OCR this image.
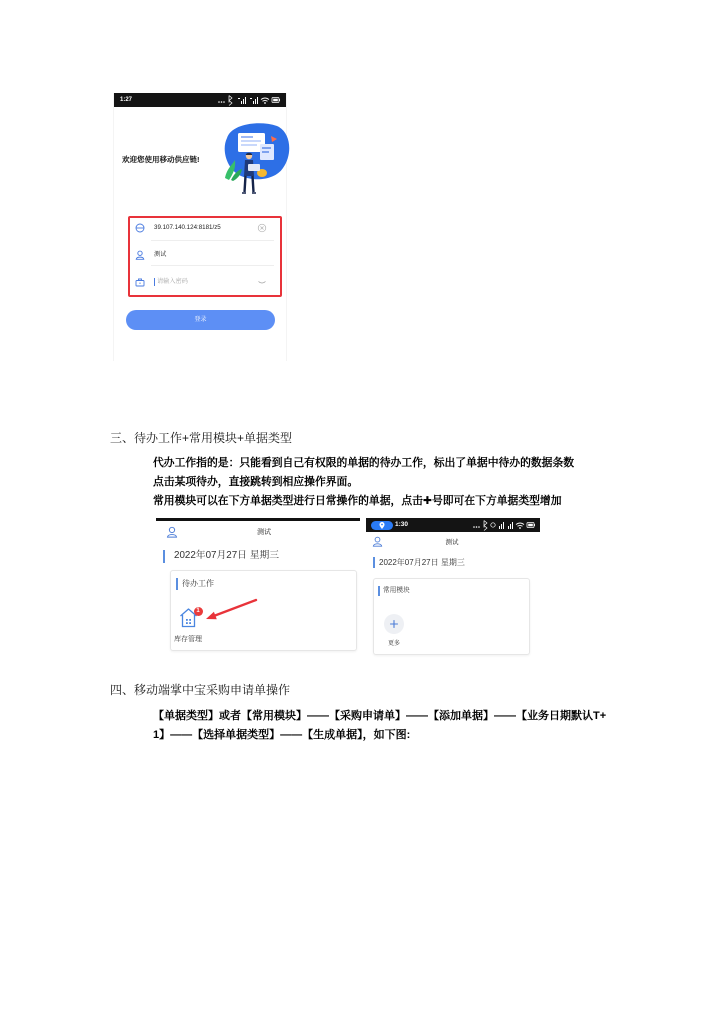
1:27
欢迎您使用移动供应链!
39.107.140.124:8181/z5
测试
请输入密码
登录
三、待办工作+常用模块+单据类型
代办工作指的是：只能看到自己有权限的单据的待办工作，标出了单据中待办的数据条数
点击某项待办，直接跳转到相应操作界面。
常用模块可以在下方单据类型进行日常操作的单据，点击✚号即可在下方单据类型增加
测试
2022年07月27日 星期三
待办工作
1
库存管理
1:30
测试
2022年07月27日 星期三
常用模块
更多
四、移动端掌中宝采购申请单操作
【单据类型】或者【常用模块】——【采购申请单】——【添加单据】——【业务日期默认T+
1】——【选择单据类型】——【生成单据】，如下图:
